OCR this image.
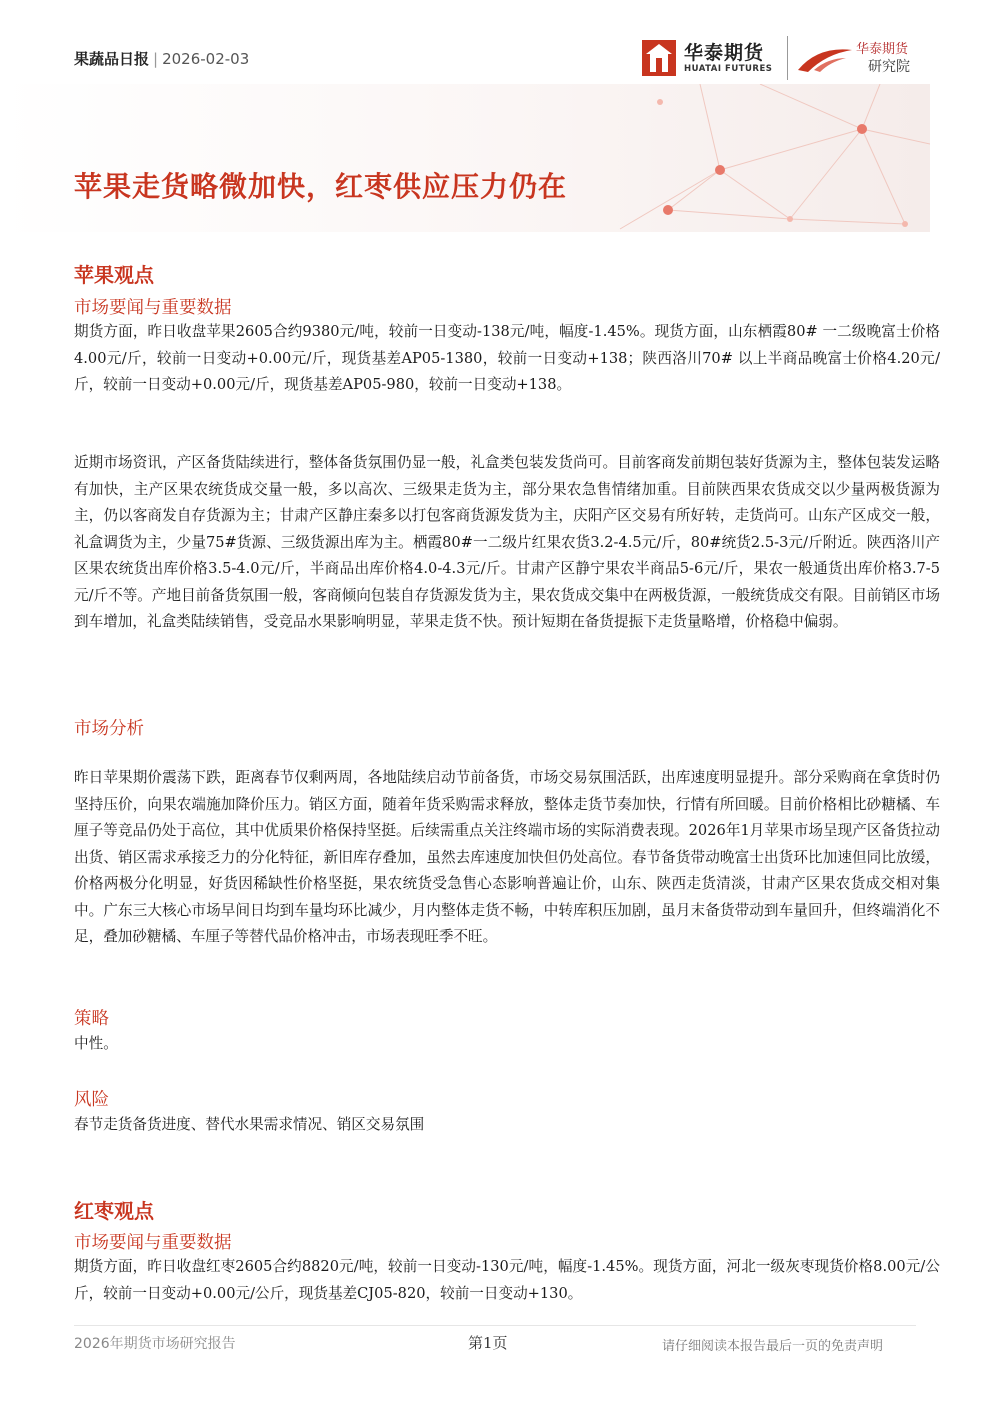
果蔬品日报 | 2026-02-03	华泰期货
HUATAI FUTURES
华泰期货
研究院
苹果走货略微加快，红枣供应压力仍在
苹果观点
市场要闻与重要数据

期货方面，昨日收盘苹果2605合约9380元/吨，较前一日变动-138元/吨，幅度-1.45%。现货方面，山东栖霞80# 一二级晚富士价格4.00元/斤，较前一日变动+0.00元/斤，现货基差AP05-1380，较前一日变动+138；陕西洛川70# 以上半商品晚富士价格4.20元/斤，较前一日变动+0.00元/斤，现货基差AP05-980，较前一日变动+138。

近期市场资讯，产区备货陆续进行，整体备货氛围仍显一般，礼盒类包装发货尚可。目前客商发前期包装好货源为主，整体包装发运略有加快，主产区果农统货成交量一般，多以高次、三级果走货为主，部分果农急售情绪加重。目前陕西果农货成交以少量两极货源为主，仍以客商发自存货源为主；甘肃产区静庄秦多以打包客商货源发货为主，庆阳产区交易有所好转，走货尚可。山东产区成交一般，礼盒调货为主，少量75#货源、三级货源出库为主。栖霞80#一二级片红果农货3.2-4.5元/斤，80#统货2.5-3元/斤附近。陕西洛川产区果农统货出库价格3.5-4.0元/斤，半商品出库价格4.0-4.3元/斤。甘肃产区静宁果农半商品5-6元/斤，果农一般通货出库价格3.7-5元/斤不等。产地目前备货氛围一般，客商倾向包装自存货源发货为主，果农货成交集中在两极货源，一般统货成交有限。目前销区市场到车增加，礼盒类陆续销售，受竞品水果影响明显，苹果走货不快。预计短期在备货提振下走货量略增，价格稳中偏弱。

市场分析

昨日苹果期价震荡下跌，距离春节仅剩两周，各地陆续启动节前备货，市场交易氛围活跃，出库速度明显提升。部分采购商在拿货时仍坚持压价，向果农端施加降价压力。销区方面，随着年货采购需求释放，整体走货节奏加快，行情有所回暖。目前价格相比砂糖橘、车厘子等竞品仍处于高位，其中优质果价格保持坚挺。后续需重点关注终端市场的实际消费表现。2026年1月苹果市场呈现产区备货拉动出货、销区需求承接乏力的分化特征，新旧库存叠加，虽然去库速度加快但仍处高位。春节备货带动晚富士出货环比加速但同比放缓，价格两极分化明显，好货因稀缺性价格坚挺，果农统货受急售心态影响普遍让价，山东、陕西走货清淡，甘肃产区果农货成交相对集中。广东三大核心市场早间日均到车量均环比减少，月内整体走货不畅，中转库积压加剧，虽月末备货带动到车量回升，但终端消化不足，叠加砂糖橘、车厘子等替代品价格冲击，市场表现旺季不旺。

策略

中性。

风险

春节走货备货进度、替代水果需求情况、销区交易氛围

红枣观点
市场要闻与重要数据

期货方面，昨日收盘红枣2605合约8820元/吨，较前一日变动-130元/吨，幅度-1.45%。现货方面，河北一级灰枣现货价格8.00元/公斤，较前一日变动+0.00元/公斤，现货基差CJ05-820，较前一日变动+130。

2026年期货市场研究报告	第1页	请仔细阅读本报告最后一页的免责声明
